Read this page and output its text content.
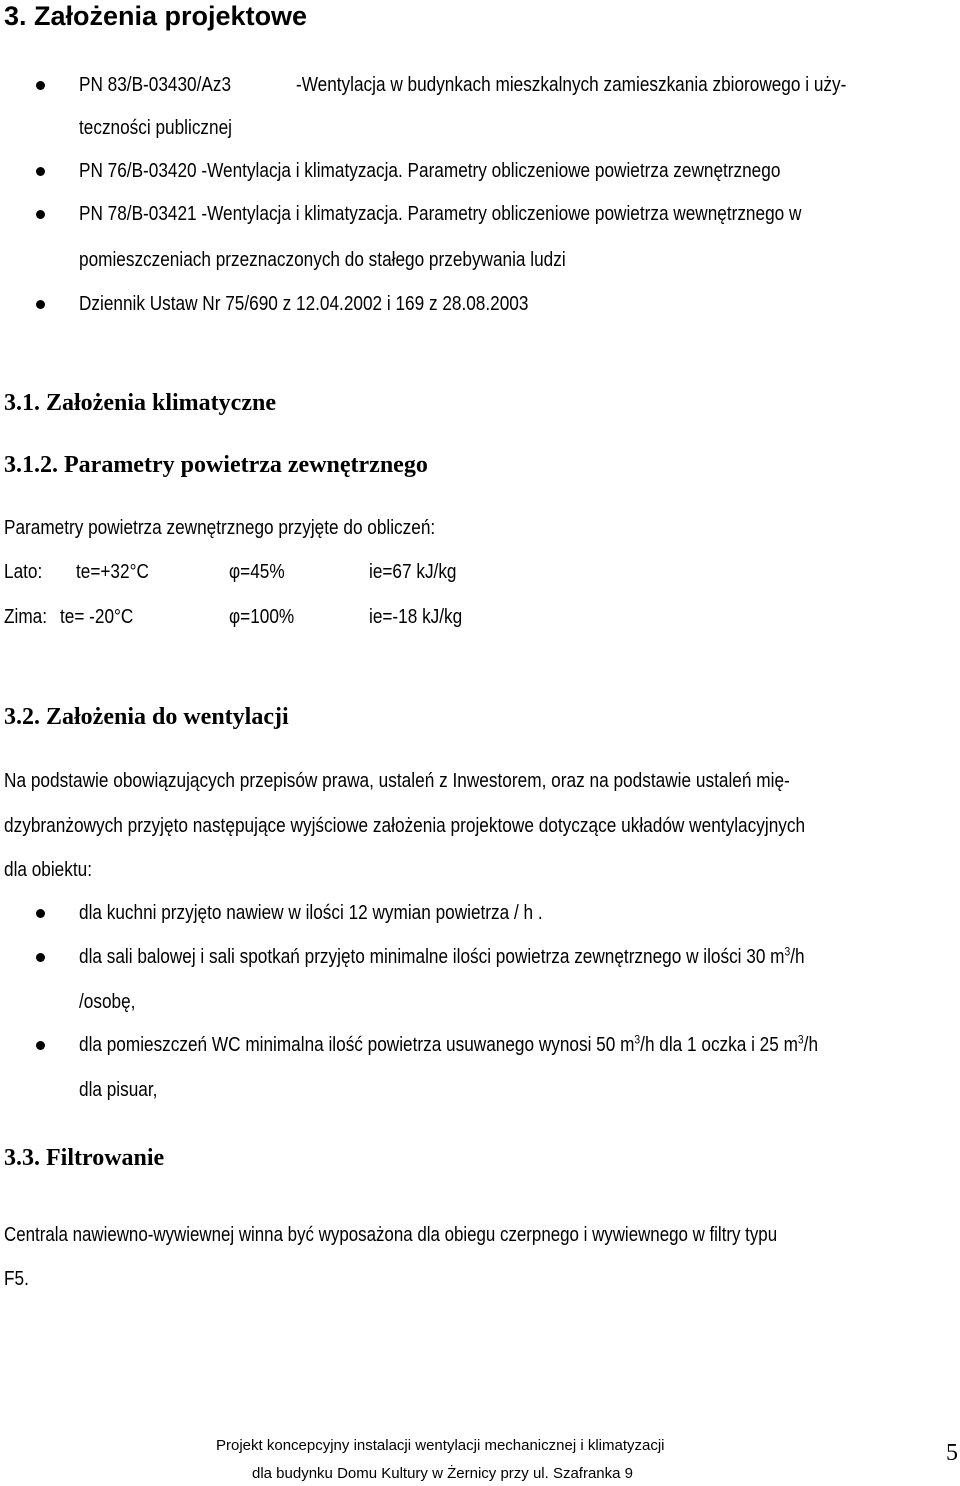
3. Założenia projektowe

PN 83/B-03430/Az3	-Wentylacja w budynkach mieszkalnych zamieszkania zbiorowego i uży-

teczności publicznej

PN 76/B-03420 -Wentylacja i klimatyzacja. Parametry obliczeniowe powietrza zewnętrznego

PN 78/B-03421 -Wentylacja i klimatyzacja. Parametry obliczeniowe powietrza wewnętrznego w

pomieszczeniach przeznaczonych do stałego przebywania ludzi

Dziennik Ustaw Nr 75/690 z 12.04.2002 i 169 z 28.08.2003

3.1. Założenia klimatyczne
3.1.2. Parametry powietrza zewnętrznego

Parametry powietrza zewnętrznego przyjęte do obliczeń:

Lato: te=+32°C	φ=45%	ie=67 kJ/kg

Zima: te= -20°C	φ=100%	ie=-18 kJ/kg

3.2. Założenia do wentylacji

Na podstawie obowiązujących przepisów prawa, ustaleń z Inwestorem, oraz na podstawie ustaleń mię-

dzybranżowych przyjęto następujące wyjściowe założenia projektowe dotyczące układów wentylacyjnych

dla obiektu:

dla kuchni przyjęto nawiew w ilości 12 wymian powietrza / h .

dla sali balowej i sali spotkań przyjęto minimalne ilości powietrza zewnętrznego w ilości 30 $m^3/h$

/osobę,

dla pomieszczeń WC minimalna ilość powietrza usuwanego wynosi 50 $m^3/h$ dla 1 oczka i 25 $m^3/h$

dla pisuar,

3.3. Filtrowanie

Centrala nawiewno-wywiewnej winna być wyposażona dla obiegu czerpnego i wywiewnego w filtry typu

F5.

Projekt koncepcyjny instalacji wentylacji mechanicznej i klimatyzacji
dla budynku Domu Kultury w Żernicy przy ul. Szafranka 9
5
